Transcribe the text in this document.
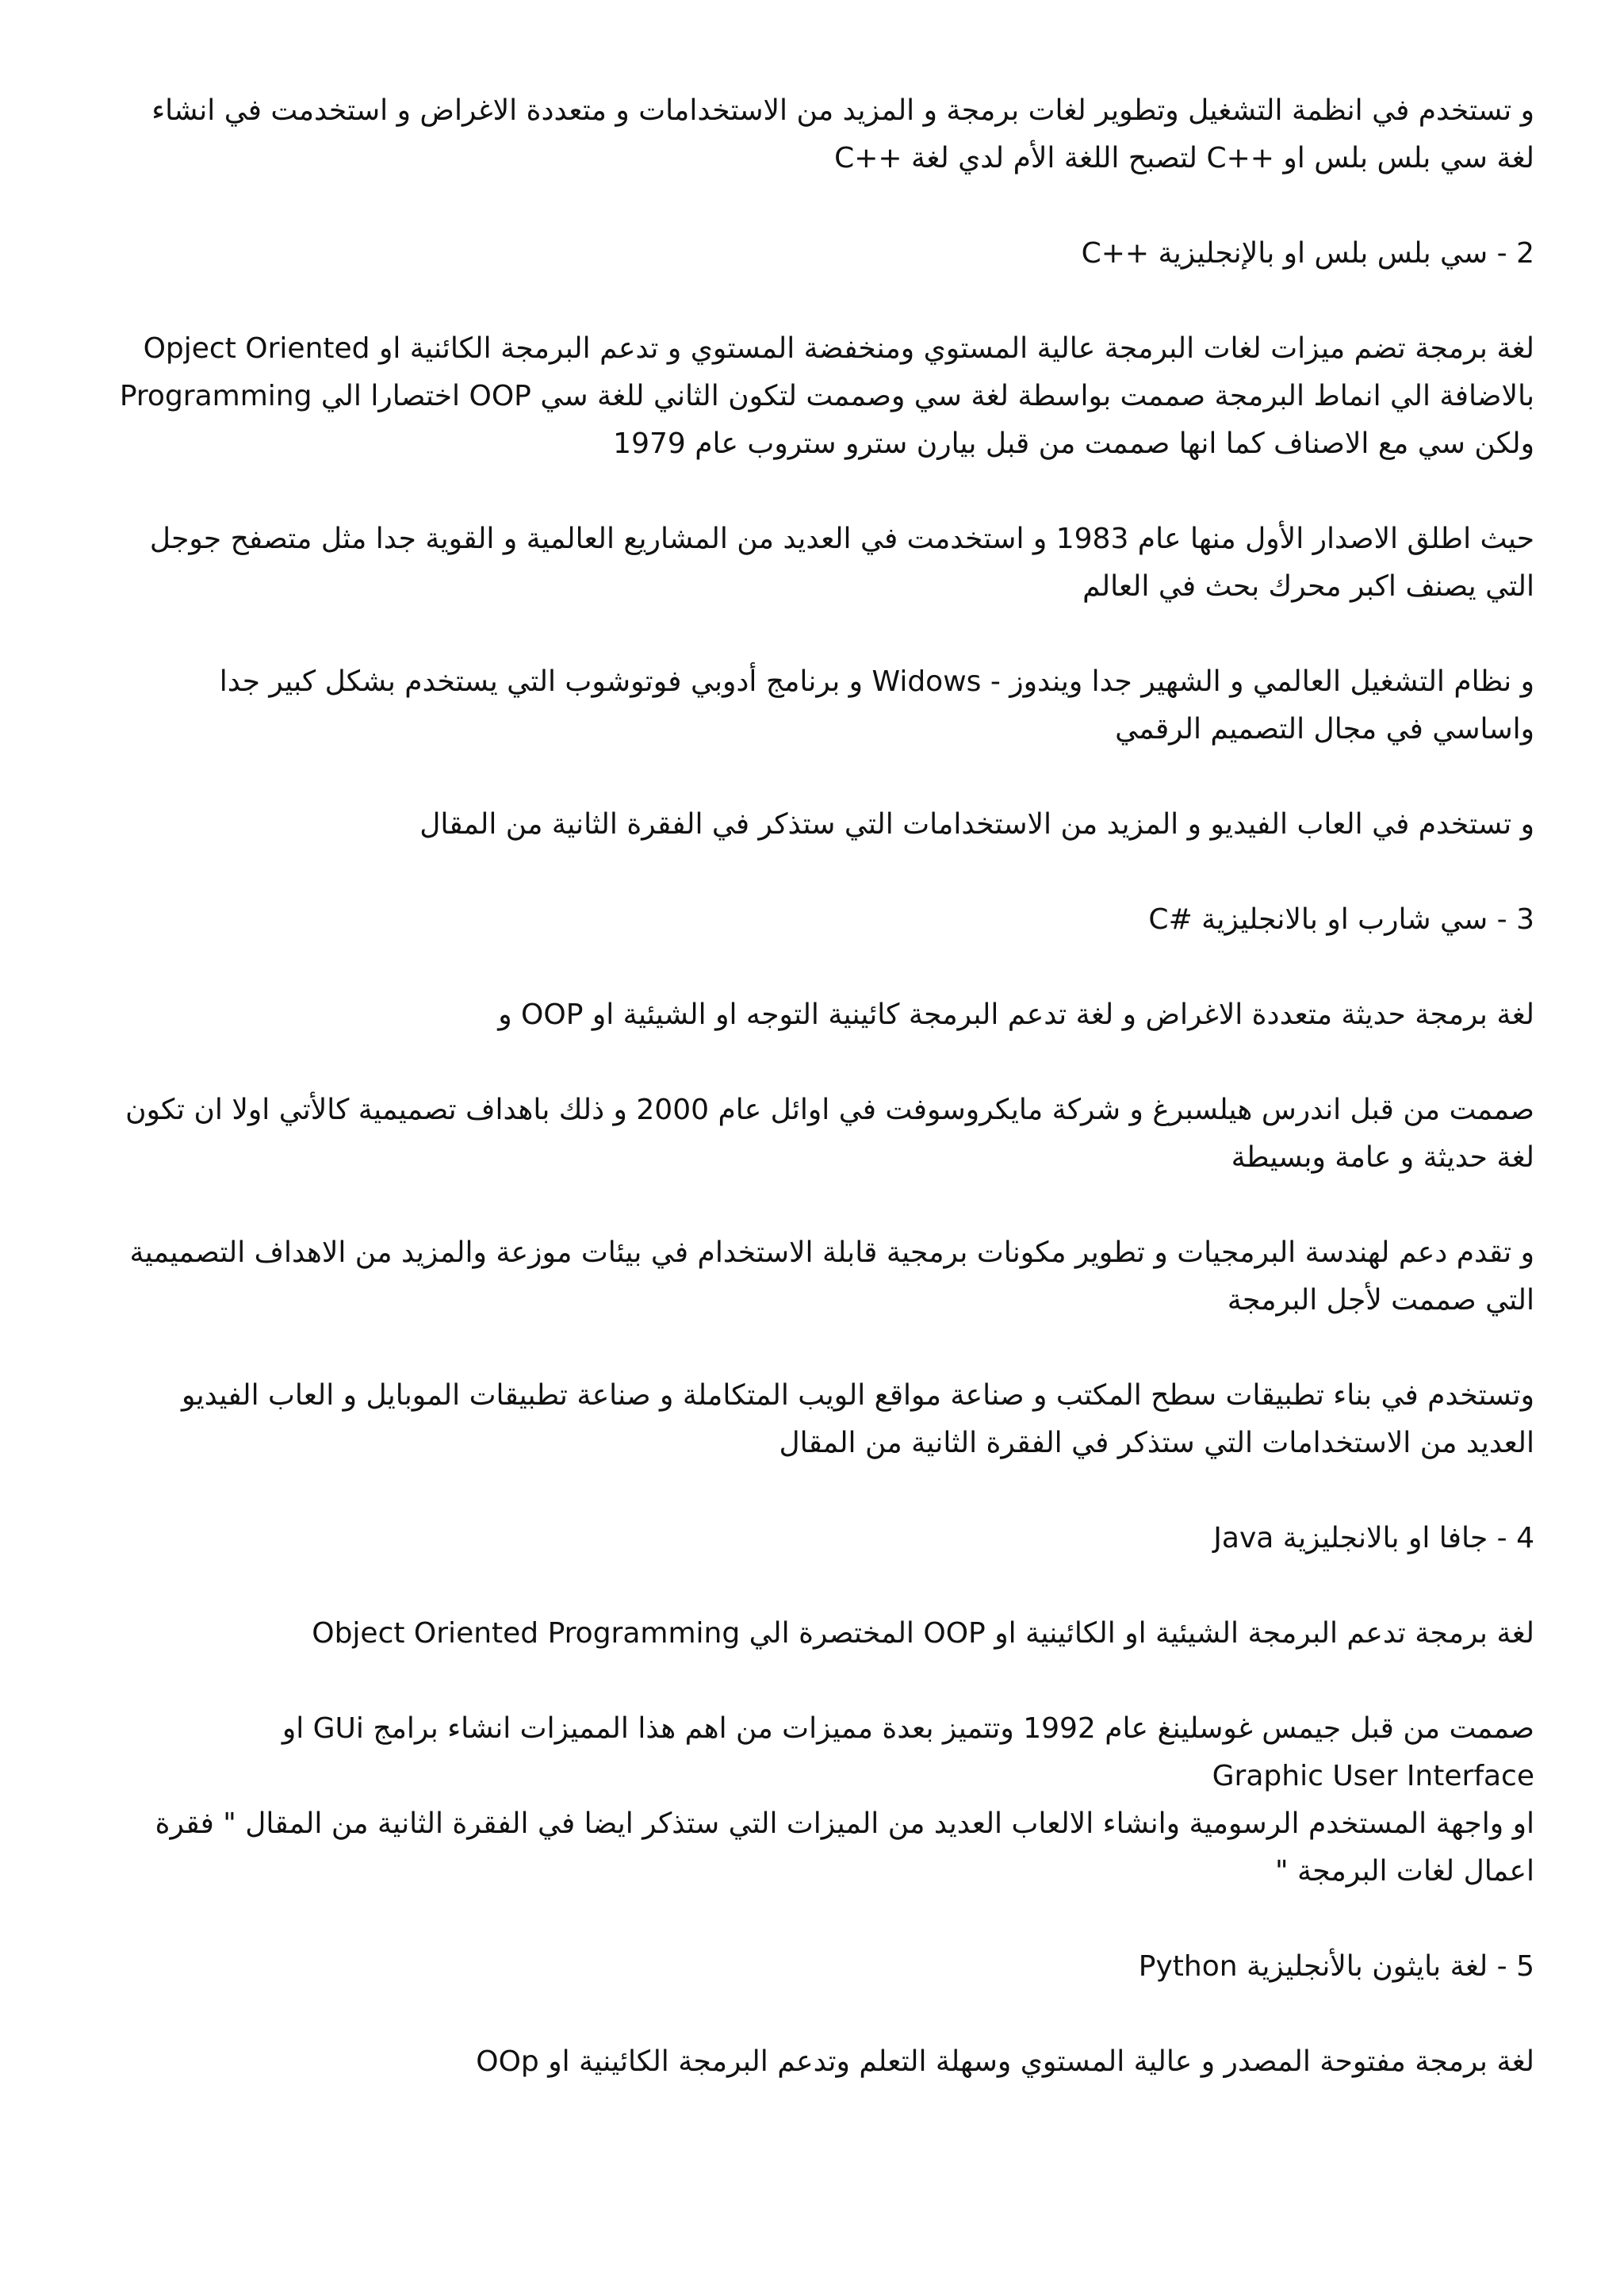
و تستخدم في انظمة التشغيل وتطوير لغات برمجة و المزيد من الاستخدامات و متعددة الاغراض و استخدمت في انشاء
لغة سي بلس بلس او ++C لتصبح اللغة الأم لدي لغة ++C

2 - سي بلس بلس او بالإنجليزية ++C

لغة برمجة تضم ميزات لغات البرمجة عالية المستوي ومنخفضة المستوي و تدعم البرمجة الكائنية او Opject Oriented
Programming اختصارا الي OOP بالاضافة الي انماط البرمجة صممت بواسطة لغة سي وصممت لتكون الثاني للغة سي
ولكن سي مع الاصناف كما انها صممت من قبل بيارن سترو ستروب عام 1979

حيث اطلق الاصدار الأول منها عام 1983 و استخدمت في العديد من المشاريع العالمية و القوية جدا مثل متصفح جوجل
التي يصنف اكبر محرك بحث في العالم

و نظام التشغيل العالمي و الشهير جدا ويندوز - Widows و برنامج أدوبي فوتوشوب التي يستخدم بشكل كبير جدا
واساسي في مجال التصميم الرقمي

و تستخدم في العاب الفيديو و المزيد من الاستخدامات التي ستذكر في الفقرة الثانية من المقال

3 - سي شارب او بالانجليزية #C

لغة برمجة حديثة متعددة الاغراض و لغة تدعم البرمجة كائينية التوجه او الشيئية او OOP و

صممت من قبل اندرس هيلسبرغ و شركة مايكروسوفت في اوائل عام 2000 و ذلك باهداف تصميمية كالأتي اولا ان تكون
لغة حديثة و عامة وبسيطة

و تقدم دعم لهندسة البرمجيات و تطوير مكونات برمجية قابلة الاستخدام في بيئات موزعة والمزيد من الاهداف التصميمية
التي صممت لأجل البرمجة

وتستخدم في بناء تطبيقات سطح المكتب و صناعة مواقع الويب المتكاملة و صناعة تطبيقات الموبايل و العاب الفيديو
العديد من الاستخدامات التي ستذكر في الفقرة الثانية من المقال

4 - جافا او بالانجليزية Java

لغة برمجة تدعم البرمجة الشيئية او الكائينية او OOP المختصرة الي Object Oriented Programming

صممت من قبل جيمس غوسلينغ عام 1992 وتتميز بعدة مميزات من اهم هذا المميزات انشاء برامج GUi او

Graphic User Interface
او واجهة المستخدم الرسومية وانشاء الالعاب العديد من الميزات التي ستذكر ايضا في الفقرة الثانية من المقال " فقرة
اعمال لغات البرمجة "

5 - لغة بايثون بالأنجليزية Python

لغة برمجة مفتوحة المصدر و عالية المستوي وسهلة التعلم وتدعم البرمجة الكائينية او OOp
